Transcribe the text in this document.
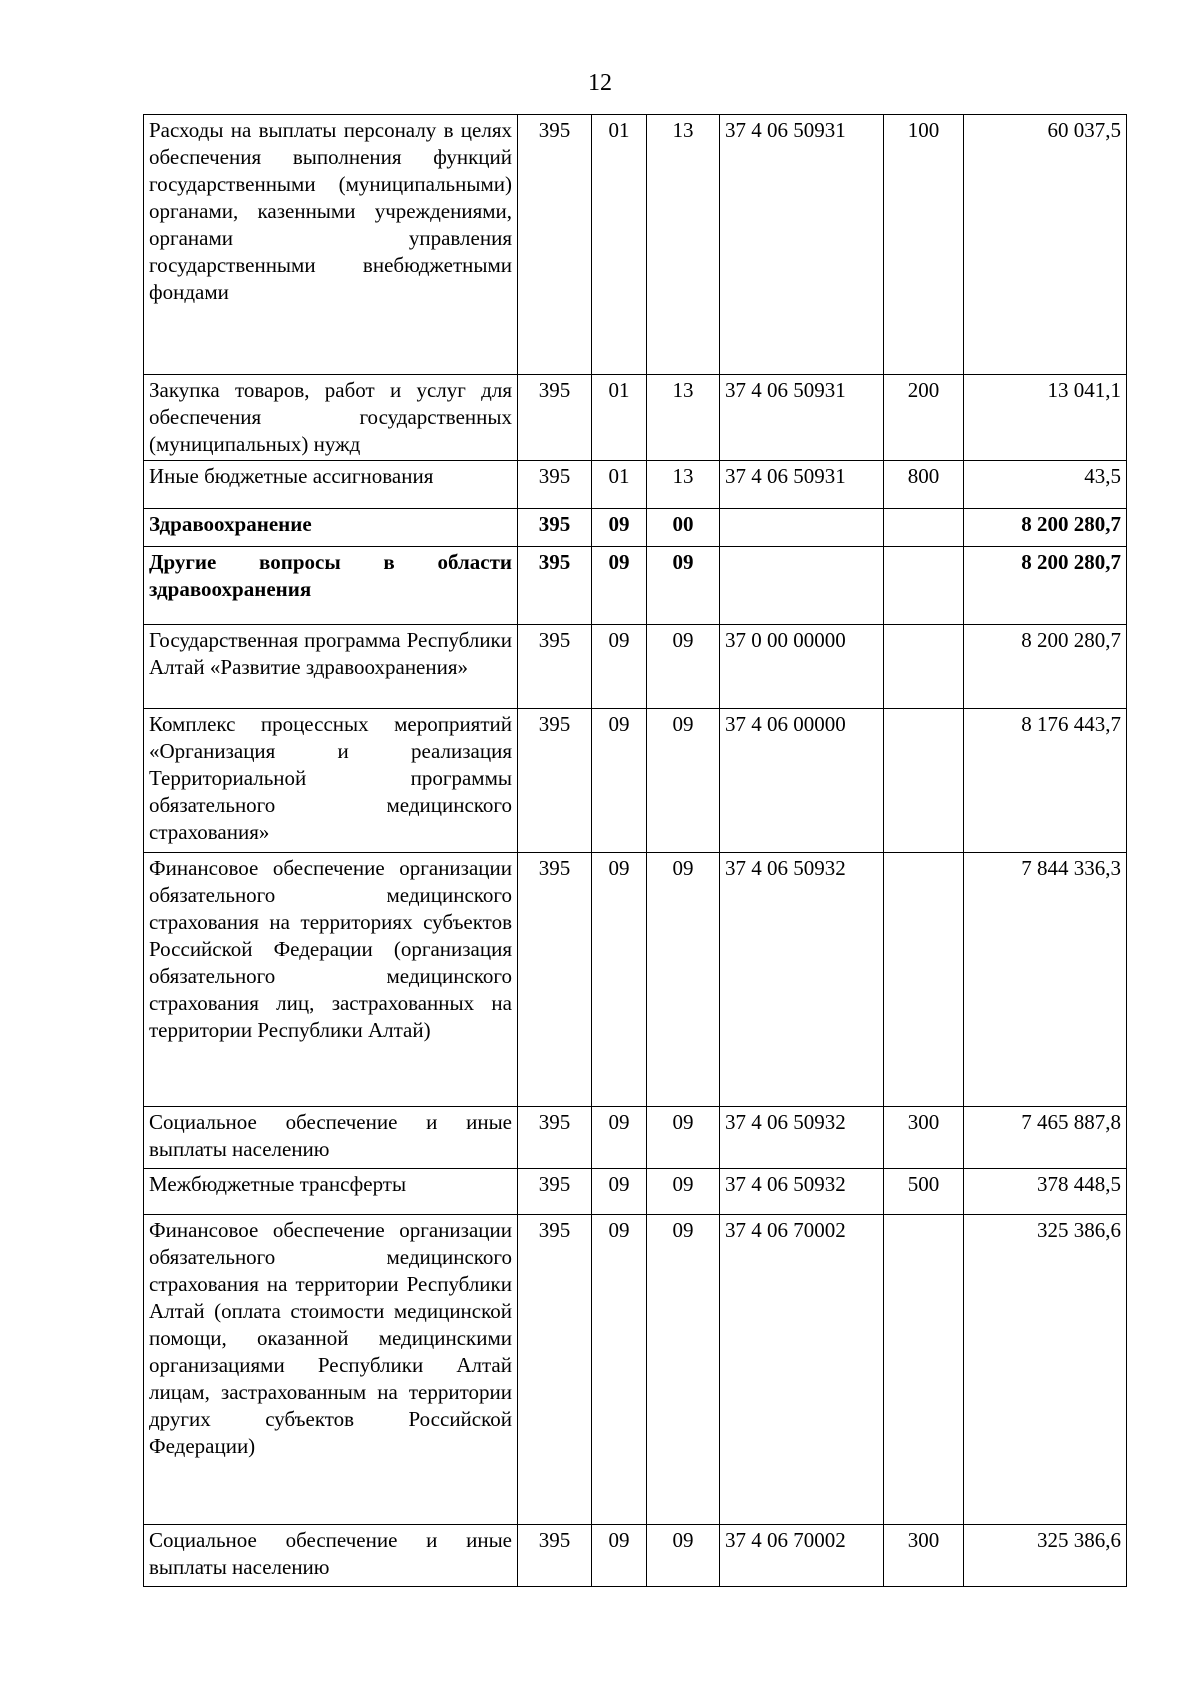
12
Расходы на выплаты персоналу в целях обеспечения выполнения функций государственными (муниципальными) органами, казенными учреждениями, органами управления государственными внебюджетными фондами	395	01	13	37 4 06 50931	100	60 037,5
Закупка товаров, работ и услуг для обеспечения государственных (муниципальных) нужд	395	01	13	37 4 06 50931	200	13 041,1
Иные бюджетные ассигнования	395	01	13	37 4 06 50931	800	43,5
Здравоохранение	395	09	00			8 200 280,7
Другие вопросы в области здравоохранения	395	09	09			8 200 280,7
Государственная программа Республики Алтай «Развитие здравоохранения»	395	09	09	37 0 00 00000		8 200 280,7
Комплекс процессных мероприятий «Организация и реализация Территориальной программы обязательного медицинского страхования»	395	09	09	37 4 06 00000		8 176 443,7
Финансовое обеспечение организации обязательного медицинского страхования на территориях субъектов Российской Федерации (организация обязательного медицинского страхования лиц, застрахованных на территории Республики Алтай)	395	09	09	37 4 06 50932		7 844 336,3
Социальное обеспечение и иные выплаты населению	395	09	09	37 4 06 50932	300	7 465 887,8
Межбюджетные трансферты	395	09	09	37 4 06 50932	500	378 448,5
Финансовое обеспечение организации обязательного медицинского страхования на территории Республики Алтай (оплата стоимости медицинской помощи, оказанной медицинскими организациями Республики Алтай лицам, застрахованным на территории других субъектов Российской Федерации)	395	09	09	37 4 06 70002		325 386,6
Социальное обеспечение и иные выплаты населению	395	09	09	37 4 06 70002	300	325 386,6
